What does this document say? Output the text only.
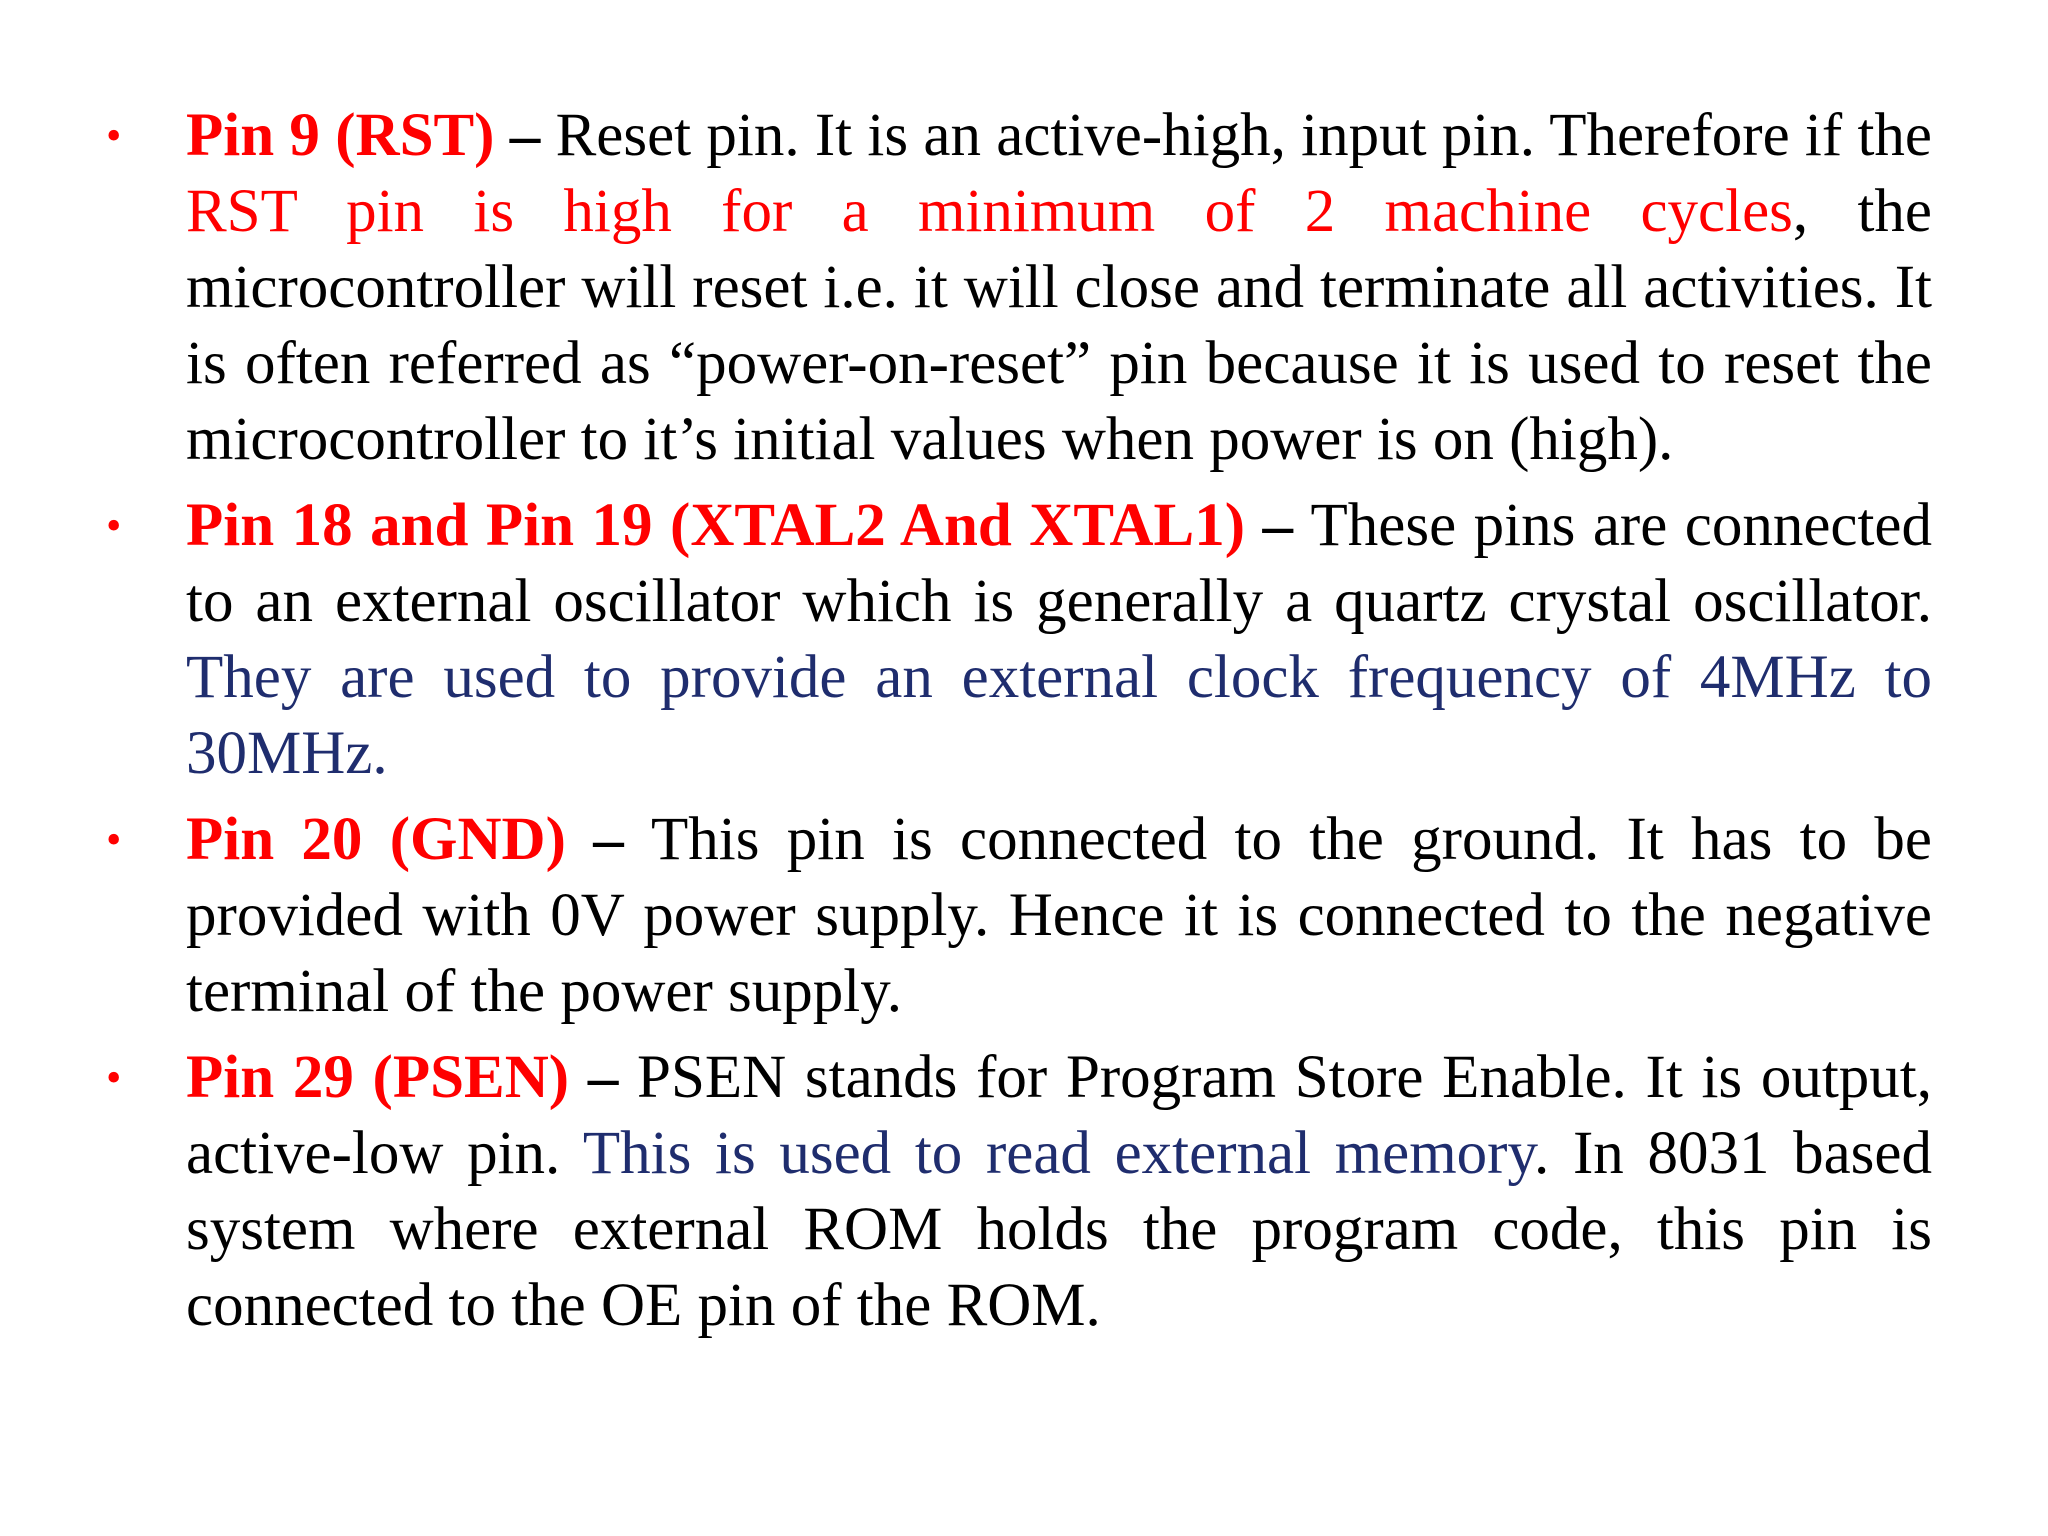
• Pin 9 (RST) – Reset pin. It is an active-high, input pin. Therefore if the RST pin is high for a minimum of 2 machine cycles, the microcontroller will reset i.e. it will close and terminate all activities. It is often referred as “power-on-reset” pin because it is used to reset the microcontroller to it’s initial values when power is on (high).
• Pin 18 and Pin 19 (XTAL2 And XTAL1) – These pins are connected to an external oscillator which is generally a quartz crystal oscillator. They are used to provide an external clock frequency of 4MHz to 30MHz.
• Pin 20 (GND) – This pin is connected to the ground. It has to be provided with 0V power supply. Hence it is connected to the negative terminal of the power supply.
• Pin 29 (PSEN) – PSEN stands for Program Store Enable. It is output, active-low pin. This is used to read external memory. In 8031 based system where external ROM holds the program code, this pin is connected to the OE pin of the ROM.
